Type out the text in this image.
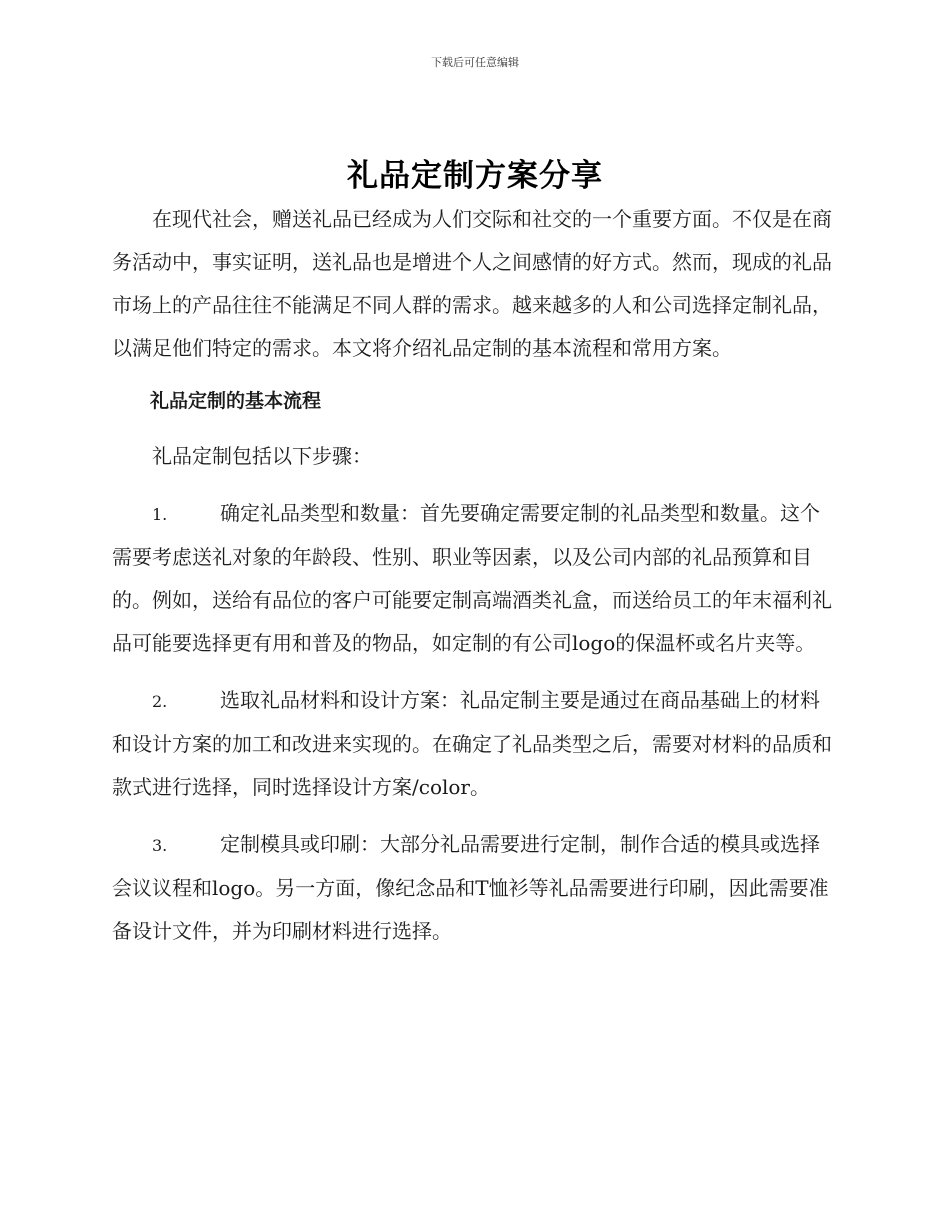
下载后可任意编辑
礼品定制方案分享

在现代社会，赠送礼品已经成为人们交际和社交的一个重要方面。不仅是在商务活动中，事实证明，送礼品也是增进个人之间感情的好方式。然而，现成的礼品市场上的产品往往不能满足不同人群的需求。越来越多的人和公司选择定制礼品，以满足他们特定的需求。本文将介绍礼品定制的基本流程和常用方案。

礼品定制的基本流程

礼品定制包括以下步骤：

1.	确定礼品类型和数量：首先要确定需要定制的礼品类型和数量。这个需要考虑送礼对象的年龄段、性别、职业等因素，以及公司内部的礼品预算和目的。例如，送给有品位的客户可能要定制高端酒类礼盒，而送给员工的年末福利礼品可能要选择更有用和普及的物品，如定制的有公司logo的保温杯或名片夹等。

2.	选取礼品材料和设计方案：礼品定制主要是通过在商品基础上的材料和设计方案的加工和改进来实现的。在确定了礼品类型之后，需要对材料的品质和款式进行选择，同时选择设计方案/color。

3.	定制模具或印刷：大部分礼品需要进行定制，制作合适的模具或选择会议议程和logo。另一方面，像纪念品和T恤衫等礼品需要进行印刷，因此需要准备设计文件，并为印刷材料进行选择。
